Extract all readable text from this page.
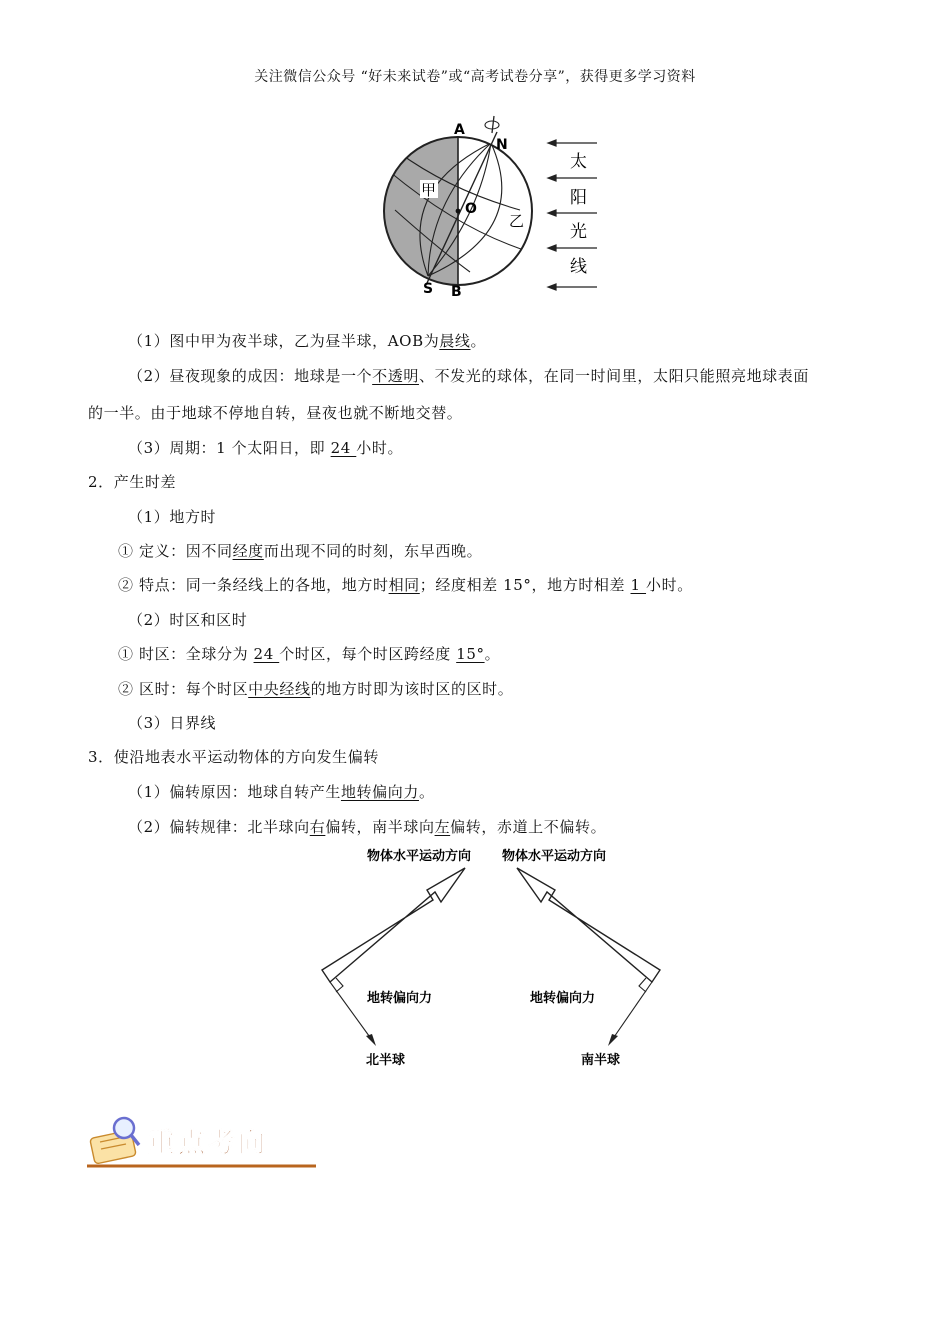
关注微信公众号 “好未来试卷”或“高考试卷分享”，获得更多学习资料
A
N
O
S B
甲
乙
太
阳
光
线
（1）图中甲为夜半球，乙为昼半球，AOB为晨线。
（2）昼夜现象的成因：地球是一个不透明、不发光的球体，在同一时间里，太阳只能照亮地球表面
的一半。由于地球不停地自转，昼夜也就不断地交替。
（3）周期：1 个太阳日，即 24 小时。
2．产生时差
（1）地方时
① 定义：因不同经度而出现不同的时刻，东早西晚。
② 特点：同一条经线上的各地，地方时相同；经度相差 15°，地方时相差 1 小时。
（2）时区和区时
① 时区：全球分为 24 个时区，每个时区跨经度 15°。
② 区时：每个时区中央经线的地方时即为该时区的区时。
（3）日界线
3．使沿地表水平运动物体的方向发生偏转
（1）偏转原因：地球自转产生地转偏向力。
（2）偏转规律：北半球向右偏转，南半球向左偏转，赤道上不偏转。
物体水平运动方向 物体水平运动方向
地转偏向力	地转偏向力
北半球	南半球
重点考向
